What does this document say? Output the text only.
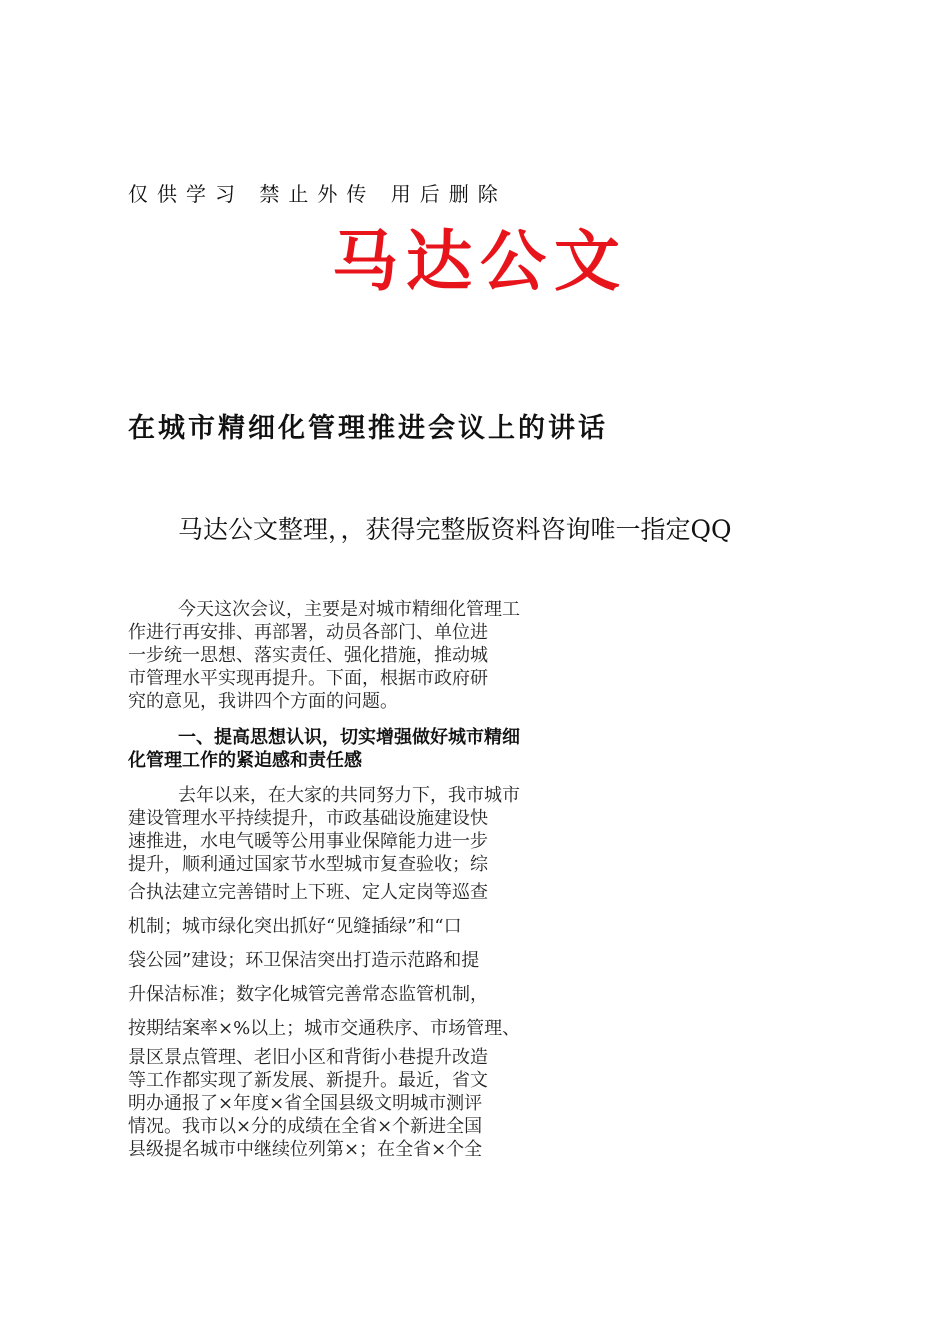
仅供学习 禁止外传 用后删除
马达公文
在城市精细化管理推进会议上的讲话
马达公文整理，，获得完整版资料咨询唯一指定QQ
今天这次会议，主要是对城市精细化管理工
作进行再安排、再部署，动员各部门、单位进
一步统一思想、落实责任、强化措施，推动城
市管理水平实现再提升。下面，根据市政府研
究的意见，我讲四个方面的问题。
一、提高思想认识，切实增强做好城市精细
化管理工作的紧迫感和责任感
去年以来，在大家的共同努力下，我市城市
建设管理水平持续提升，市政基础设施建设快
速推进，水电气暖等公用事业保障能力进一步
提升，顺利通过国家节水型城市复查验收；综
合执法建立完善错时上下班、定人定岗等巡查
机制；城市绿化突出抓好“见缝插绿”和“口
袋公园”建设；环卫保洁突出打造示范路和提
升保洁标准；数字化城管完善常态监管机制，
按期结案率×%以上；城市交通秩序、市场管理、
景区景点管理、老旧小区和背街小巷提升改造
等工作都实现了新发展、新提升。最近，省文
明办通报了×年度×省全国县级文明城市测评
情况。我市以×分的成绩在全省×个新进全国
县级提名城市中继续位列第×；在全省×个全
